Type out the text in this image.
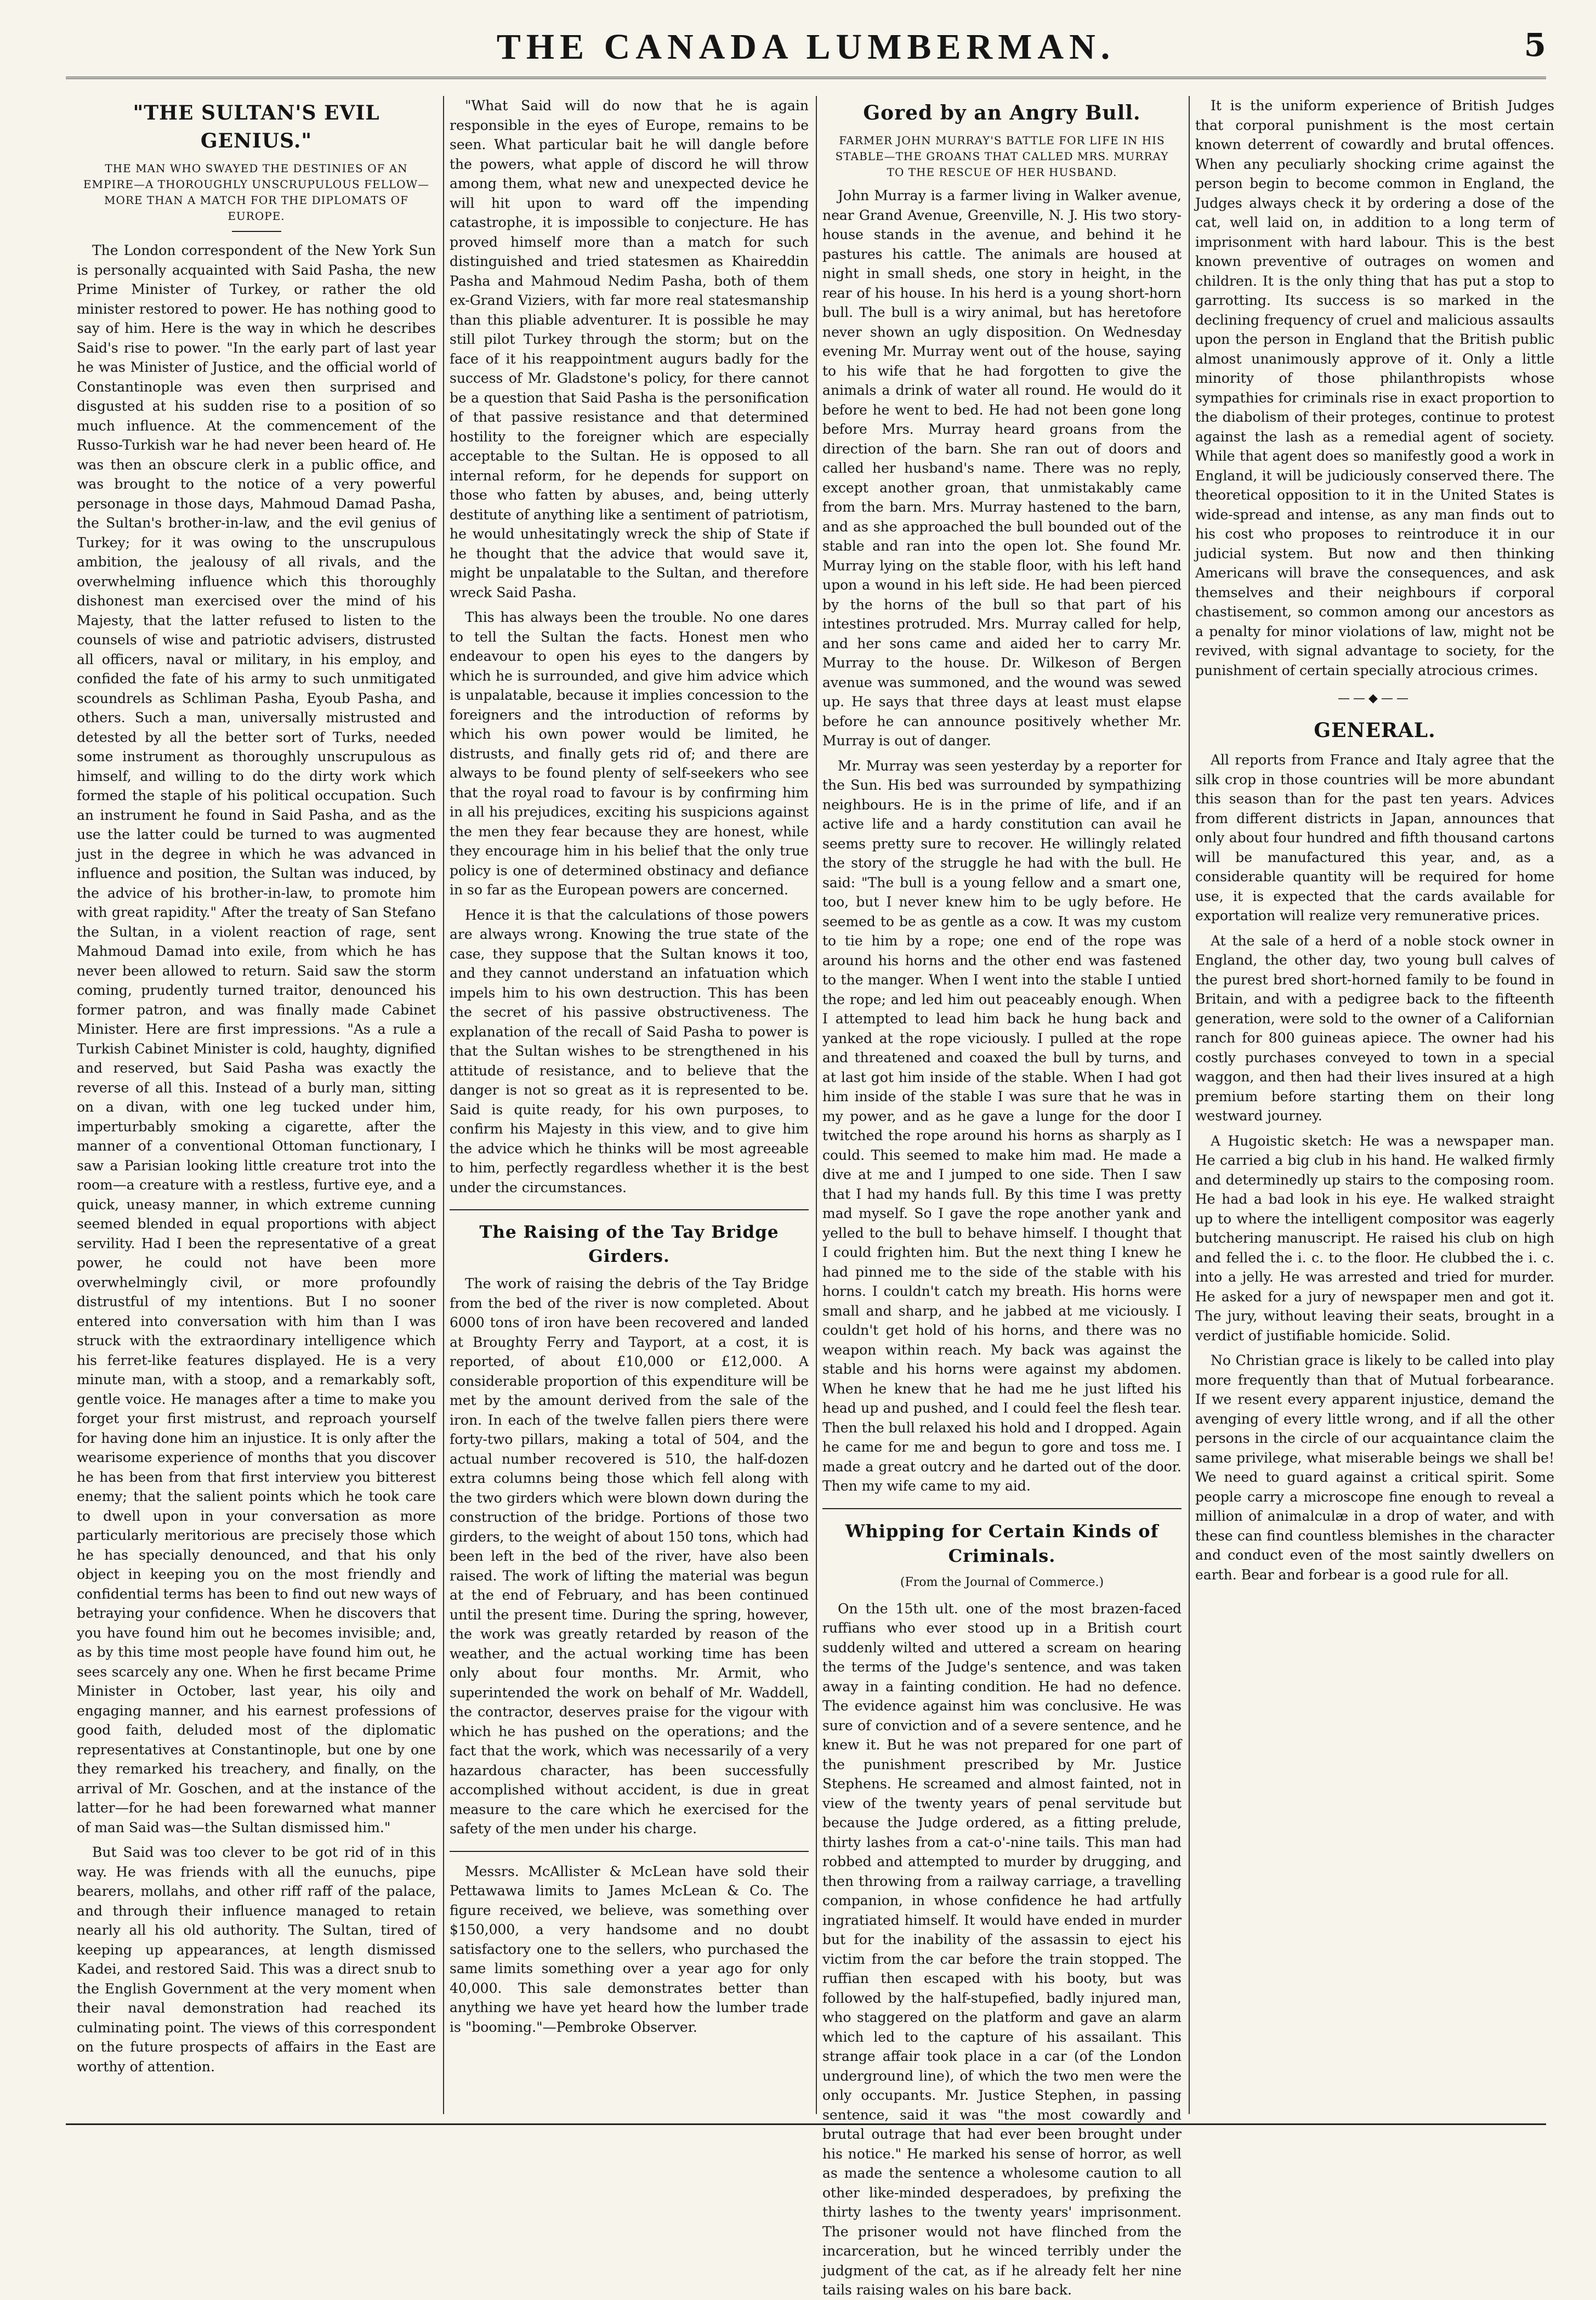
THE CANADA LUMBERMAN.	5
"THE SULTAN'S EVIL GENIUS."
THE MAN WHO SWAYED THE DESTINIES OF AN EMPIRE—A THOROUGHLY UNSCRUPULOUS FELLOW—MORE THAN A MATCH FOR THE DIPLOMATS OF EUROPE.

The London correspondent of the New York Sun is personally acquainted with Said Pasha, the new Prime Minister of Turkey, or rather the old minister restored to power. He has nothing good to say of him. Here is the way in which he describes Said's rise to power. "In the early part of last year he was Minister of Justice, and the official world of Constantinople was even then surprised and disgusted at his sudden rise to a position of so much influence. At the commencement of the Russo-Turkish war he had never been heard of. He was then an obscure clerk in a public office, and was brought to the notice of a very powerful personage in those days, Mahmoud Damad Pasha, the Sultan's brother-in-law, and the evil genius of Turkey; for it was owing to the unscrupulous ambition, the jealousy of all rivals, and the overwhelming influence which this thoroughly dishonest man exercised over the mind of his Majesty, that the latter refused to listen to the counsels of wise and patriotic advisers, distrusted all officers, naval or military, in his employ, and confided the fate of his army to such unmitigated scoundrels as Schliman Pasha, Eyoub Pasha, and others. Such a man, universally mistrusted and detested by all the better sort of Turks, needed some instrument as thoroughly unscrupulous as himself, and willing to do the dirty work which formed the staple of his political occupation. Such an instrument he found in Said Pasha, and as the use the latter could be turned to was augmented just in the degree in which he was advanced in influence and position, the Sultan was induced, by the advice of his brother-in-law, to promote him with great rapidity." After the treaty of San Stefano the Sultan, in a violent reaction of rage, sent Mahmoud Damad into exile, from which he has never been allowed to return. Said saw the storm coming, prudently turned traitor, denounced his former patron, and was finally made Cabinet Minister. Here are first impressions. "As a rule a Turkish Cabinet Minister is cold, haughty, dignified and reserved, but Said Pasha was exactly the reverse of all this. Instead of a burly man, sitting on a divan, with one leg tucked under him, imperturbably smoking a cigarette, after the manner of a conventional Ottoman functionary, I saw a Parisian looking little creature trot into the room—a creature with a restless, furtive eye, and a quick, uneasy manner, in which extreme cunning seemed blended in equal proportions with abject servility. Had I been the representative of a great power, he could not have been more overwhelmingly civil, or more profoundly distrustful of my intentions. But I no sooner entered into conversation with him than I was struck with the extraordinary intelligence which his ferret-like features displayed. He is a very minute man, with a stoop, and a remarkably soft, gentle voice. He manages after a time to make you forget your first mistrust, and reproach yourself for having done him an injustice. It is only after the wearisome experience of months that you discover he has been from that first interview you bitterest enemy; that the salient points which he took care to dwell upon in your conversation as more particularly meritorious are precisely those which he has specially denounced, and that his only object in keeping you on the most friendly and confidential terms has been to find out new ways of betraying your confidence. When he discovers that you have found him out he becomes invisible; and, as by this time most people have found him out, he sees scarcely any one. When he first became Prime Minister in October, last year, his oily and engaging manner, and his earnest professions of good faith, deluded most of the diplomatic representatives at Constantinople, but one by one they remarked his treachery, and finally, on the arrival of Mr. Goschen, and at the instance of the latter—for he had been forewarned what manner of man Said was—the Sultan dismissed him."

But Said was too clever to be got rid of in this way. He was friends with all the eunuchs, pipe bearers, mollahs, and other riff raff of the palace, and through their influence managed to retain nearly all his old authority. The Sultan, tired of keeping up appearances, at length dismissed Kadei, and restored Said. This was a direct snub to the English Government at the very moment when their naval demonstration had reached its culminating point. The views of this correspondent on the future prospects of affairs in the East are worthy of attention.

"What Said will do now that he is again responsible in the eyes of Europe, remains to be seen. What particular bait he will dangle before the powers, what apple of discord he will throw among them, what new and unexpected device he will hit upon to ward off the impending catastrophe, it is impossible to conjecture. He has proved himself more than a match for such distinguished and tried statesmen as Khaireddin Pasha and Mahmoud Nedim Pasha, both of them ex-Grand Viziers, with far more real statesmanship than this pliable adventurer. It is possible he may still pilot Turkey through the storm; but on the face of it his reappointment augurs badly for the success of Mr. Gladstone's policy, for there cannot be a question that Said Pasha is the personification of that passive resistance and that determined hostility to the foreigner which are especially acceptable to the Sultan. He is opposed to all internal reform, for he depends for support on those who fatten by abuses, and, being utterly destitute of anything like a sentiment of patriotism, he would unhesitatingly wreck the ship of State if he thought that the advice that would save it, might be unpalatable to the Sultan, and therefore wreck Said Pasha.

This has always been the trouble. No one dares to tell the Sultan the facts. Honest men who endeavour to open his eyes to the dangers by which he is surrounded, and give him advice which is unpalatable, because it implies concession to the foreigners and the introduction of reforms by which his own power would be limited, he distrusts, and finally gets rid of; and there are always to be found plenty of self-seekers who see that the royal road to favour is by confirming him in all his prejudices, exciting his suspicions against the men they fear because they are honest, while they encourage him in his belief that the only true policy is one of determined obstinacy and defiance in so far as the European powers are concerned.

Hence it is that the calculations of those powers are always wrong. Knowing the true state of the case, they suppose that the Sultan knows it too, and they cannot understand an infatuation which impels him to his own destruction. This has been the secret of his passive obstructiveness. The explanation of the recall of Said Pasha to power is that the Sultan wishes to be strengthened in his attitude of resistance, and to believe that the danger is not so great as it is represented to be. Said is quite ready, for his own purposes, to confirm his Majesty in this view, and to give him the advice which he thinks will be most agreeable to him, perfectly regardless whether it is the best under the circumstances.

The Raising of the Tay Bridge Girders.

The work of raising the debris of the Tay Bridge from the bed of the river is now completed. About 6000 tons of iron have been recovered and landed at Broughty Ferry and Tayport, at a cost, it is reported, of about £10,000 or £12,000. A considerable proportion of this expenditure will be met by the amount derived from the sale of the iron. In each of the twelve fallen piers there were forty-two pillars, making a total of 504, and the actual number recovered is 510, the half-dozen extra columns being those which fell along with the two girders which were blown down during the construction of the bridge. Portions of those two girders, to the weight of about 150 tons, which had been left in the bed of the river, have also been raised. The work of lifting the material was begun at the end of February, and has been continued until the present time. During the spring, however, the work was greatly retarded by reason of the weather, and the actual working time has been only about four months. Mr. Armit, who superintended the work on behalf of Mr. Waddell, the contractor, deserves praise for the vigour with which he has pushed on the operations; and the fact that the work, which was necessarily of a very hazardous character, has been successfully accomplished without accident, is due in great measure to the care which he exercised for the safety of the men under his charge.

Messrs. McAllister & McLean have sold their Pettawawa limits to James McLean & Co. The figure received, we believe, was something over $150,000, a very handsome and no doubt satisfactory one to the sellers, who purchased the same limits something over a year ago for only 40,000. This sale demonstrates better than anything we have yet heard how the lumber trade is "booming."—Pembroke Observer.

Gored by an Angry Bull.
FARMER JOHN MURRAY'S BATTLE FOR LIFE IN HIS STABLE—THE GROANS THAT CALLED MRS. MURRAY TO THE RESCUE OF HER HUSBAND.

John Murray is a farmer living in Walker avenue, near Grand Avenue, Greenville, N. J. His two story-house stands in the avenue, and behind it he pastures his cattle. The animals are housed at night in small sheds, one story in height, in the rear of his house. In his herd is a young short-horn bull. The bull is a wiry animal, but has heretofore never shown an ugly disposition. On Wednesday evening Mr. Murray went out of the house, saying to his wife that he had forgotten to give the animals a drink of water all round. He would do it before he went to bed. He had not been gone long before Mrs. Murray heard groans from the direction of the barn. She ran out of doors and called her husband's name. There was no reply, except another groan, that unmistakably came from the barn. Mrs. Murray hastened to the barn, and as she approached the bull bounded out of the stable and ran into the open lot. She found Mr. Murray lying on the stable floor, with his left hand upon a wound in his left side. He had been pierced by the horns of the bull so that part of his intestines protruded. Mrs. Murray called for help, and her sons came and aided her to carry Mr. Murray to the house. Dr. Wilkeson of Bergen avenue was summoned, and the wound was sewed up. He says that three days at least must elapse before he can announce positively whether Mr. Murray is out of danger.

Mr. Murray was seen yesterday by a reporter for the Sun. His bed was surrounded by sympathizing neighbours. He is in the prime of life, and if an active life and a hardy constitution can avail he seems pretty sure to recover. He willingly related the story of the struggle he had with the bull. He said: "The bull is a young fellow and a smart one, too, but I never knew him to be ugly before. He seemed to be as gentle as a cow. It was my custom to tie him by a rope; one end of the rope was around his horns and the other end was fastened to the manger. When I went into the stable I untied the rope; and led him out peaceably enough. When I attempted to lead him back he hung back and yanked at the rope viciously. I pulled at the rope and threatened and coaxed the bull by turns, and at last got him inside of the stable. When I had got him inside of the stable I was sure that he was in my power, and as he gave a lunge for the door I twitched the rope around his horns as sharply as I could. This seemed to make him mad. He made a dive at me and I jumped to one side. Then I saw that I had my hands full. By this time I was pretty mad myself. So I gave the rope another yank and yelled to the bull to behave himself. I thought that I could frighten him. But the next thing I knew he had pinned me to the side of the stable with his horns. I couldn't catch my breath. His horns were small and sharp, and he jabbed at me viciously. I couldn't get hold of his horns, and there was no weapon within reach. My back was against the stable and his horns were against my abdomen. When he knew that he had me he just lifted his head up and pushed, and I could feel the flesh tear. Then the bull relaxed his hold and I dropped. Again he came for me and begun to gore and toss me. I made a great outcry and he darted out of the door. Then my wife came to my aid.

Whipping for Certain Kinds of Criminals.
(From the Journal of Commerce.)

On the 15th ult. one of the most brazen-faced ruffians who ever stood up in a British court suddenly wilted and uttered a scream on hearing the terms of the Judge's sentence, and was taken away in a fainting condition. He had no defence. The evidence against him was conclusive. He was sure of conviction and of a severe sentence, and he knew it. But he was not prepared for one part of the punishment prescribed by Mr. Justice Stephens. He screamed and almost fainted, not in view of the twenty years of penal servitude but because the Judge ordered, as a fitting prelude, thirty lashes from a cat-o'-nine tails. This man had robbed and attempted to murder by drugging, and then throwing from a railway carriage, a travelling companion, in whose confidence he had artfully ingratiated himself. It would have ended in murder but for the inability of the assassin to eject his victim from the car before the train stopped. The ruffian then escaped with his booty, but was followed by the half-stupefied, badly injured man, who staggered on the platform and gave an alarm which led to the capture of his assailant. This strange affair took place in a car (of the London underground line), of which the two men were the only occupants. Mr. Justice Stephen, in passing sentence, said it was "the most cowardly and brutal outrage that had ever been brought under his notice." He marked his sense of horror, as well as made the sentence a wholesome caution to all other like-minded desperadoes, by prefixing the thirty lashes to the twenty years' imprisonment. The prisoner would not have flinched from the incarceration, but he winced terribly under the judgment of the cat, as if he already felt her nine tails raising wales on his bare back.

It is the uniform experience of British Judges that corporal punishment is the most certain known deterrent of cowardly and brutal offences. When any peculiarly shocking crime against the person begin to become common in England, the Judges always check it by ordering a dose of the cat, well laid on, in addition to a long term of imprisonment with hard labour. This is the best known preventive of outrages on women and children. It is the only thing that has put a stop to garrotting. Its success is so marked in the declining frequency of cruel and malicious assaults upon the person in England that the British public almost unanimously approve of it. Only a little minority of those philanthropists whose sympathies for criminals rise in exact proportion to the diabolism of their proteges, continue to protest against the lash as a remedial agent of society. While that agent does so manifestly good a work in England, it will be judiciously conserved there. The theoretical opposition to it in the United States is wide-spread and intense, as any man finds out to his cost who proposes to reintroduce it in our judicial system. But now and then thinking Americans will brave the consequences, and ask themselves and their neighbours if corporal chastisement, so common among our ancestors as a penalty for minor violations of law, might not be revived, with signal advantage to society, for the punishment of certain specially atrocious crimes.

——◆——
GENERAL.

All reports from France and Italy agree that the silk crop in those countries will be more abundant this season than for the past ten years. Advices from different districts in Japan, announces that only about four hundred and fifth thousand cartons will be manufactured this year, and, as a considerable quantity will be required for home use, it is expected that the cards available for exportation will realize very remunerative prices.

At the sale of a herd of a noble stock owner in England, the other day, two young bull calves of the purest bred short-horned family to be found in Britain, and with a pedigree back to the fifteenth generation, were sold to the owner of a Californian ranch for 800 guineas apiece. The owner had his costly purchases conveyed to town in a special waggon, and then had their lives insured at a high premium before starting them on their long westward journey.

A Hugoistic sketch: He was a newspaper man. He carried a big club in his hand. He walked firmly and determinedly up stairs to the composing room. He had a bad look in his eye. He walked straight up to where the intelligent compositor was eagerly butchering manuscript. He raised his club on high and felled the i. c. to the floor. He clubbed the i. c. into a jelly. He was arrested and tried for murder. He asked for a jury of newspaper men and got it. The jury, without leaving their seats, brought in a verdict of justifiable homicide. Solid.

No Christian grace is likely to be called into play more frequently than that of Mutual forbearance. If we resent every apparent injustice, demand the avenging of every little wrong, and if all the other persons in the circle of our acquaintance claim the same privilege, what miserable beings we shall be! We need to guard against a critical spirit. Some people carry a microscope fine enough to reveal a million of animalculæ in a drop of water, and with these can find countless blemishes in the character and conduct even of the most saintly dwellers on earth. Bear and forbear is a good rule for all.
